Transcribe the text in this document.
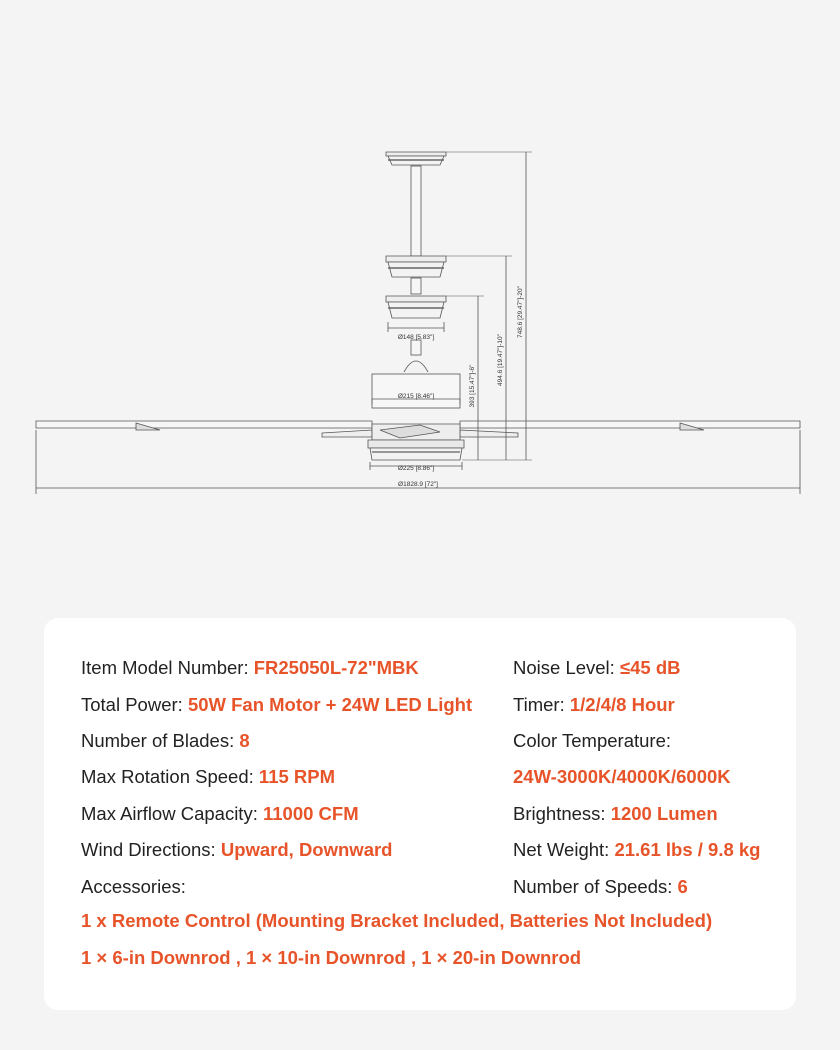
Ø148 [5.83"]
Ø215 [8.46"]
Ø225 [8.86"]
Ø1828.9 [72"]
393 [15.47"]-6"
494.6 [19.47"]-10"
748.6 [29.47"]-20"
Item Model Number: FR25050L-72"MBK
Total Power: 50W Fan Motor + 24W LED Light
Number of Blades: 8
Max Rotation Speed: 115 RPM
Max Airflow Capacity: 11000 CFM
Wind Directions: Upward, Downward
Accessories:
Noise Level: ≤45 dB
Timer: 1/2/4/8 Hour
Color Temperature:
24W-3000K/4000K/6000K
Brightness: 1200 Lumen
Net Weight: 21.61 lbs / 9.8 kg
Number of Speeds: 6
1 x Remote Control (Mounting Bracket Included, Batteries Not Included)
1 × 6-in Downrod , 1 × 10-in Downrod , 1 × 20-in Downrod
